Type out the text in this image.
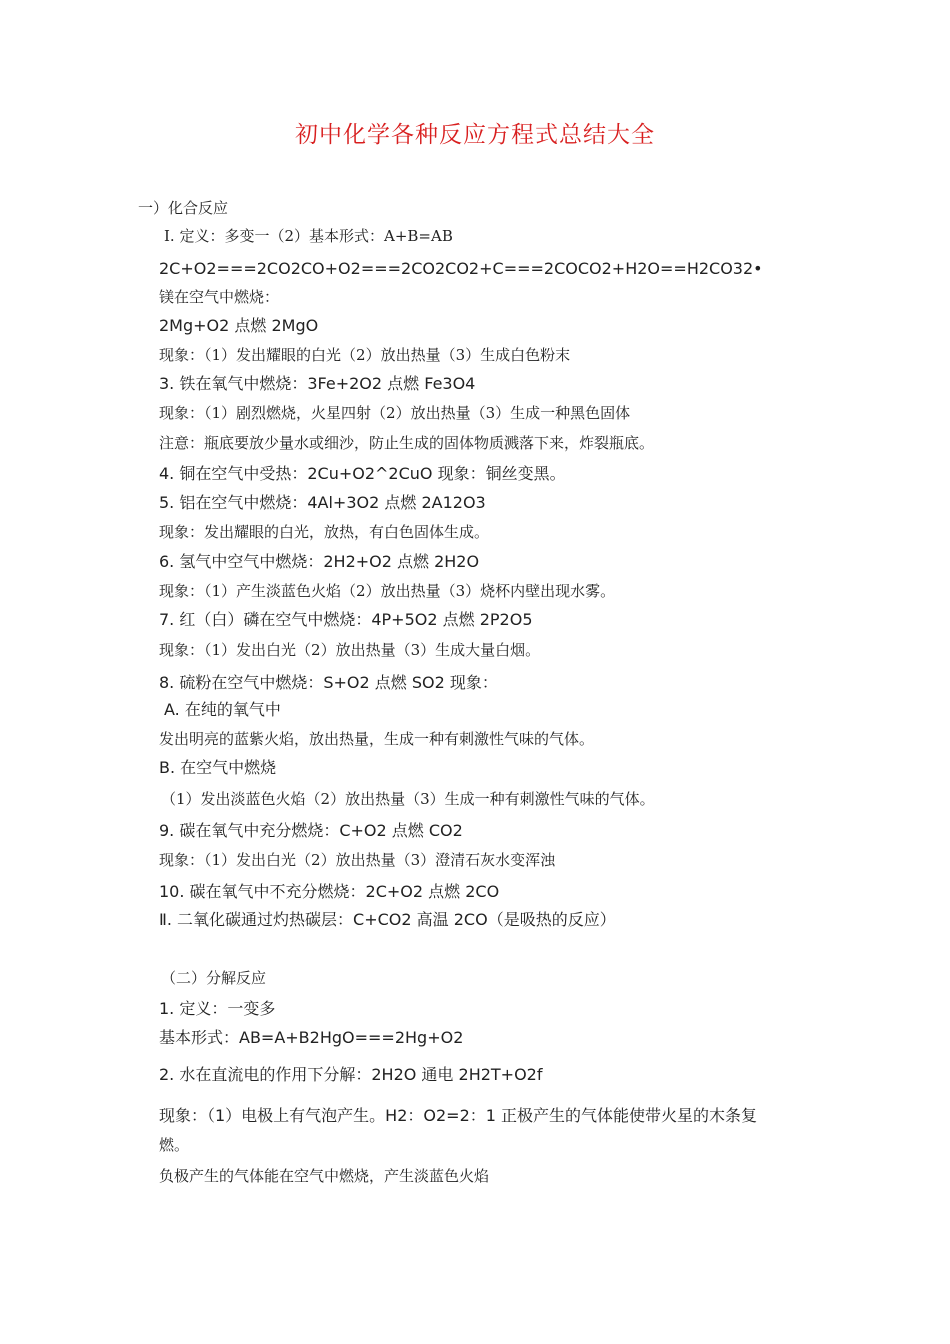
初中化学各种反应方程式总结大全
一）化合反应
Ⅰ. 定义：多变一（2）基本形式：A+B=AB
2C+O2===2CO2CO+O2===2CO2CO2+C===2COCO2+H2O==H2CO32•
镁在空气中燃烧：
2Mg+O2 点燃 2MgO
现象：（1）发出耀眼的白光（2）放出热量（3）生成白色粉末
3. 铁在氧气中燃烧：3Fe+2O2 点燃 Fe3O4
现象：（1）剧烈燃烧，火星四射（2）放出热量（3）生成一种黑色固体
注意：瓶底要放少量水或细沙，防止生成的固体物质溅落下来，炸裂瓶底。
4. 铜在空气中受热：2Cu+O2^2CuO 现象：铜丝变黑。
5. 铝在空气中燃烧：4Al+3O2 点燃 2A12O3
现象：发出耀眼的白光，放热，有白色固体生成。
6. 氢气中空气中燃烧：2H2+O2 点燃 2H2O
现象：（1）产生淡蓝色火焰（2）放出热量（3）烧杯内壁出现水雾。
7. 红（白）磷在空气中燃烧：4P+5O2 点燃 2P2O5
现象：（1）发出白光（2）放出热量（3）生成大量白烟。
8. 硫粉在空气中燃烧：S+O2 点燃 SO2 现象：
A. 在纯的氧气中
发出明亮的蓝紫火焰，放出热量，生成一种有刺激性气味的气体。
B. 在空气中燃烧
（1）发出淡蓝色火焰（2）放出热量（3）生成一种有刺激性气味的气体。
9. 碳在氧气中充分燃烧：C+O2 点燃 CO2
现象：（1）发出白光（2）放出热量（3）澄清石灰水变浑浊
10. 碳在氧气中不充分燃烧：2C+O2 点燃 2CO
Ⅱ. 二氧化碳通过灼热碳层：C+CO2 高温 2CO（是吸热的反应）
（二）分解反应
1. 定义：一变多
基本形式：AB=A+B2HgO===2Hg+O2
2. 水在直流电的作用下分解：2H2O 通电 2H2T+O2f
现象：（1）电极上有气泡产生。H2：O2=2：1 正极产生的气体能使带火星的木条复
燃。
负极产生的气体能在空气中燃烧，产生淡蓝色火焰
